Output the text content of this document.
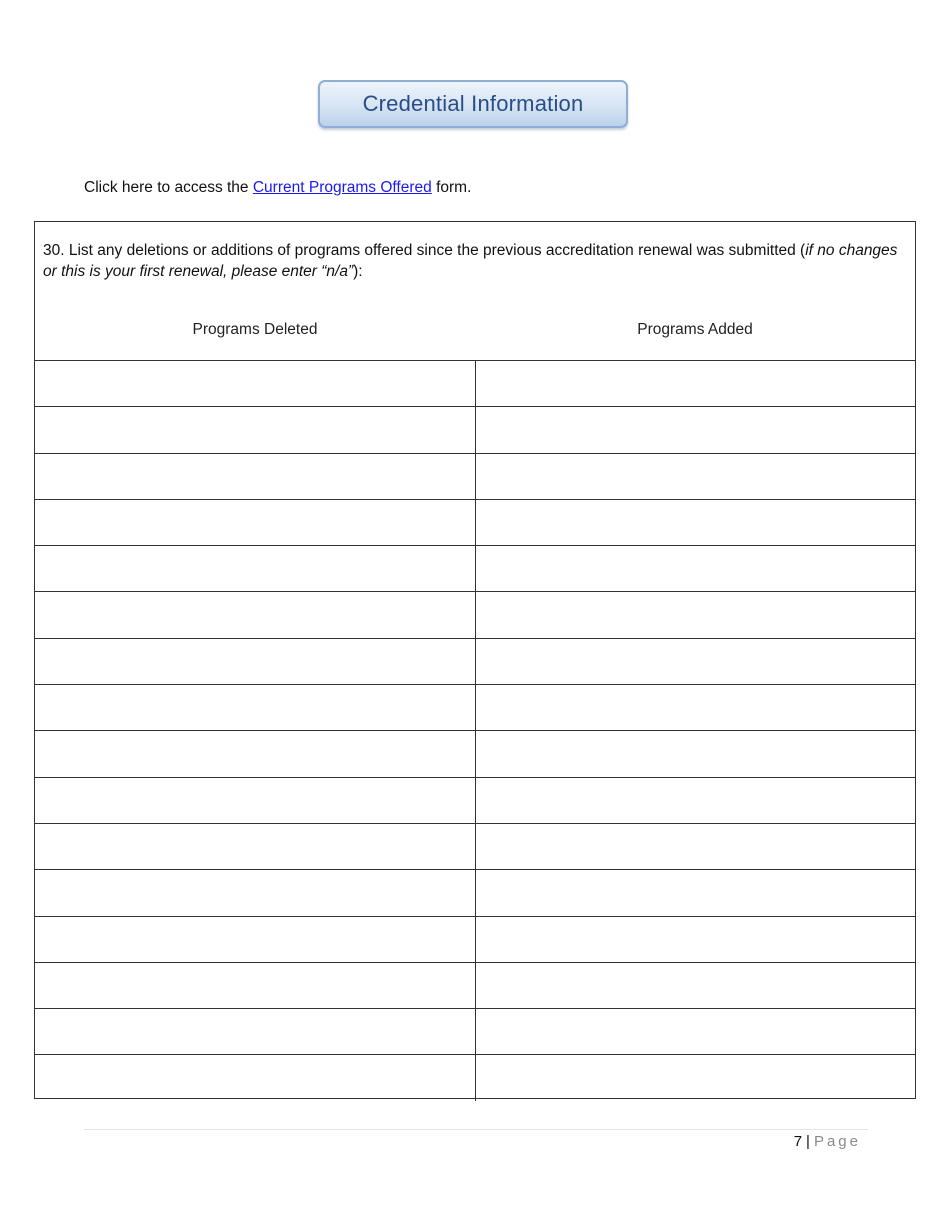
Credential Information
Click here to access the Current Programs Offered form.
30. List any deletions or additions of programs offered since the previous accreditation renewal was submitted (if no changes or this is your first renewal, please enter “n/a”):
Programs Deleted	Programs Added

7 | Page
